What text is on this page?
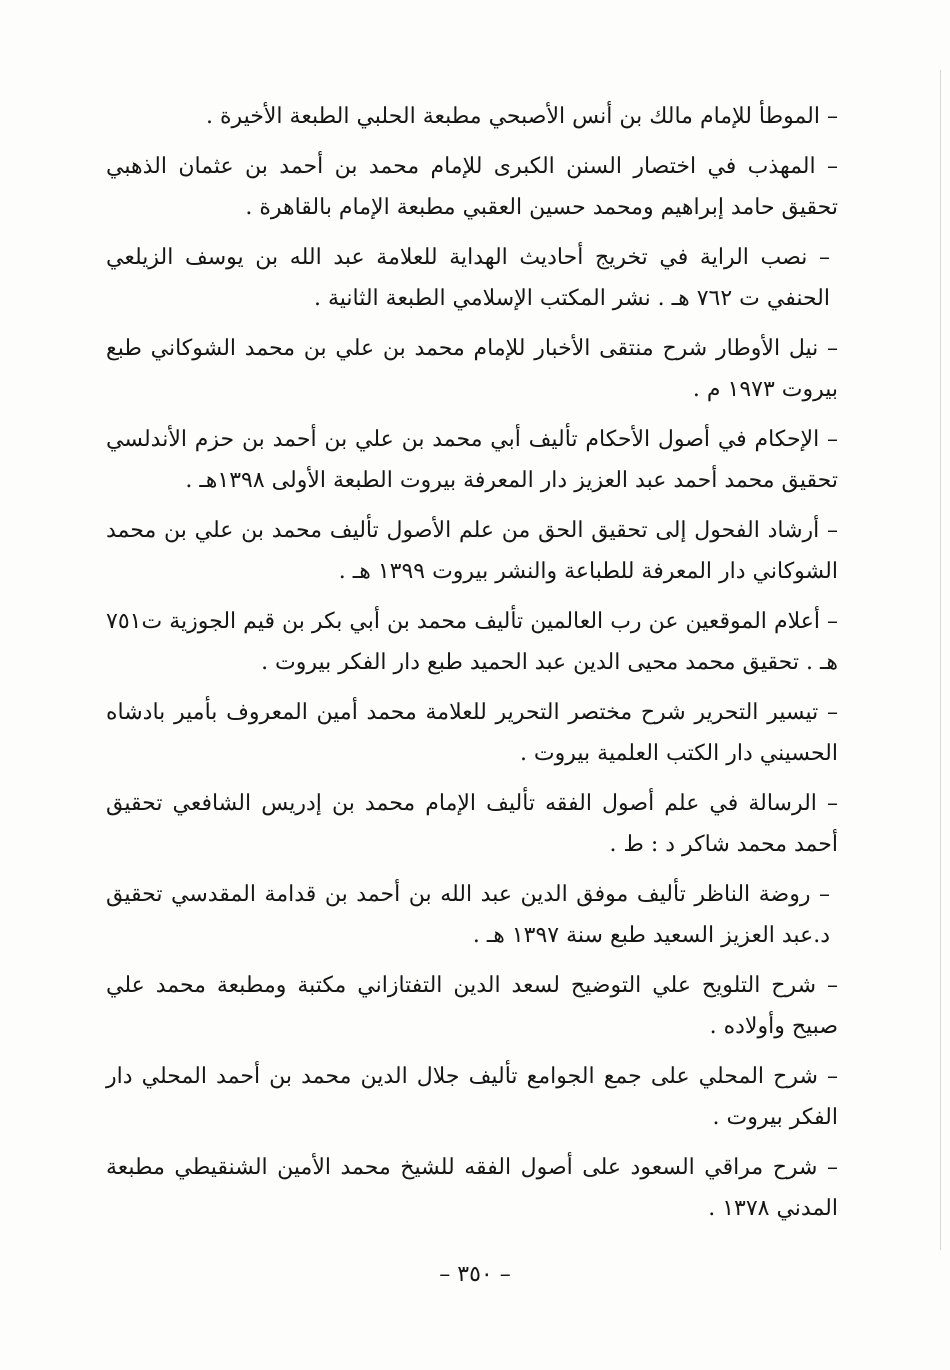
– الموطأ للإمام مالك بن أنس الأصبحي مطبعة الحلبي الطبعة الأخيرة .

– المهذب في اختصار السنن الكبرى للإمام محمد بن أحمد بن عثمان الذهبي تحقيق حامد إبراهيم ومحمد حسين العقبي مطبعة الإمام بالقاهرة .

– نصب الراية في تخريج أحاديث الهداية للعلامة عبد الله بن يوسف الزيلعي الحنفي ت ٧٦٢ هـ . نشر المكتب الإسلامي الطبعة الثانية .

– نيل الأوطار شرح منتقى الأخبار للإمام محمد بن علي بن محمد الشوكاني طبع بيروت ١٩٧٣ م .

– الإحكام في أصول الأحكام تأليف أبي محمد بن علي بن أحمد بن حزم الأندلسي تحقيق محمد أحمد عبد العزيز دار المعرفة بيروت الطبعة الأولى ١٣٩٨هـ .

– أرشاد الفحول إلى تحقيق الحق من علم الأصول تأليف محمد بن علي بن محمد الشوكاني دار المعرفة للطباعة والنشر بيروت ١٣٩٩ هـ .

– أعلام الموقعين عن رب العالمين تأليف محمد بن أبي بكر بن قيم الجوزية ت٧٥١ هـ . تحقيق محمد محيى الدين عبد الحميد طبع دار الفكر بيروت .

– تيسير التحرير شرح مختصر التحرير للعلامة محمد أمين المعروف بأمير بادشاه الحسيني دار الكتب العلمية بيروت .

– الرسالة في علم أصول الفقه تأليف الإمام محمد بن إدريس الشافعي تحقيق أحمد محمد شاكر د : ط .

– روضة الناظر تأليف موفق الدين عبد الله بن أحمد بن قدامة المقدسي تحقيق د.عبد العزيز السعيد طبع سنة ١٣٩٧ هـ .

– شرح التلويح علي التوضيح لسعد الدين التفتازاني مكتبة ومطبعة محمد علي صبيح وأولاده .

– شرح المحلي على جمع الجوامع تأليف جلال الدين محمد بن أحمد المحلي دار الفكر بيروت .

– شرح مراقي السعود على أصول الفقه للشيخ محمد الأمين الشنقيطي مطبعة المدني ١٣٧٨ .

– ٣٥٠ –
